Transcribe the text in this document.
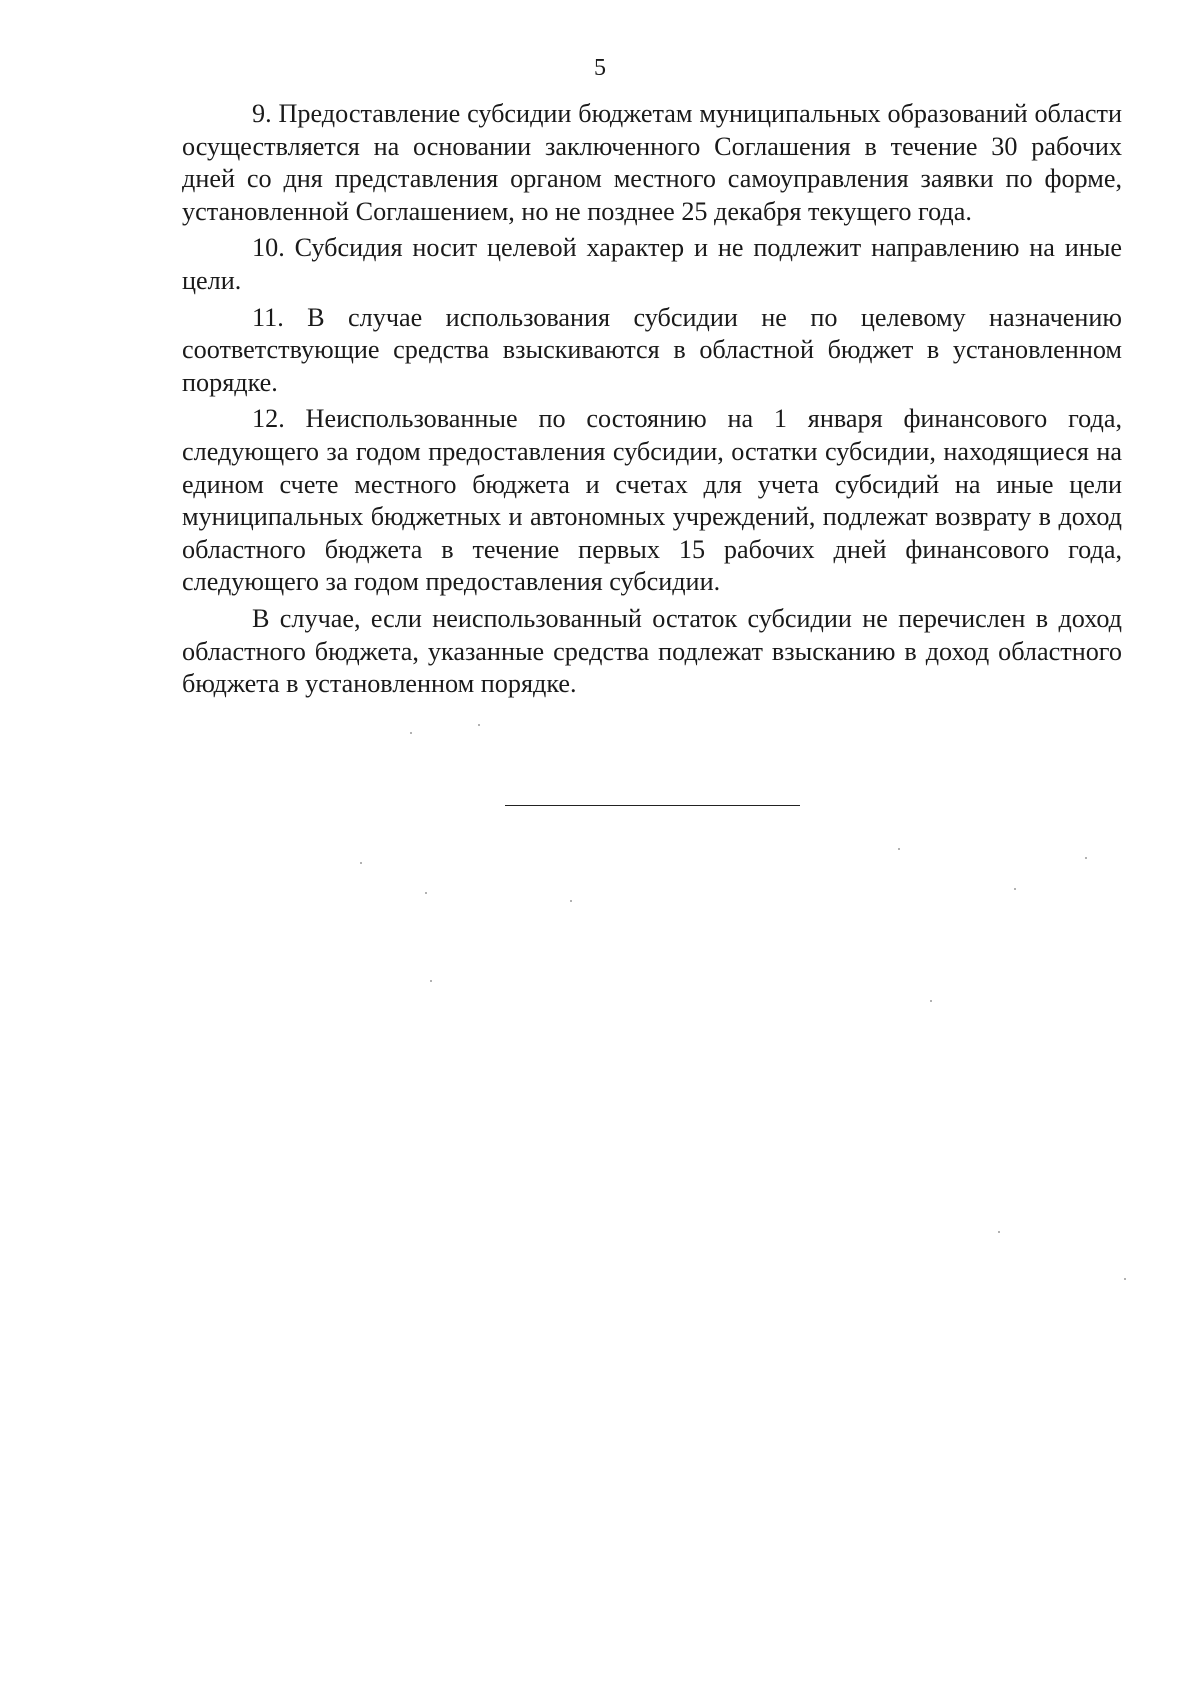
5

9. Предоставление субсидии бюджетам муниципальных образований области осуществляется на основании заключенного Соглашения в течение 30 рабочих дней со дня представления органом местного самоуправления заявки по форме, установленной Соглашением, но не позднее 25 декабря текущего года.

10. Субсидия носит целевой характер и не подлежит направлению на иные цели.

11. В случае использования субсидии не по целевому назначению соответствующие средства взыскиваются в областной бюджет в установленном порядке.

12. Неиспользованные по состоянию на 1 января финансового года, следующего за годом предоставления субсидии, остатки субсидии, находящиеся на едином счете местного бюджета и счетах для учета субсидий на иные цели муниципальных бюджетных и автономных учреждений, подлежат возврату в доход областного бюджета в течение первых 15 рабочих дней финансового года, следующего за годом предоставления субсидии.

В случае, если неиспользованный остаток субсидии не перечислен в доход областного бюджета, указанные средства подлежат взысканию в доход областного бюджета в установленном порядке.
